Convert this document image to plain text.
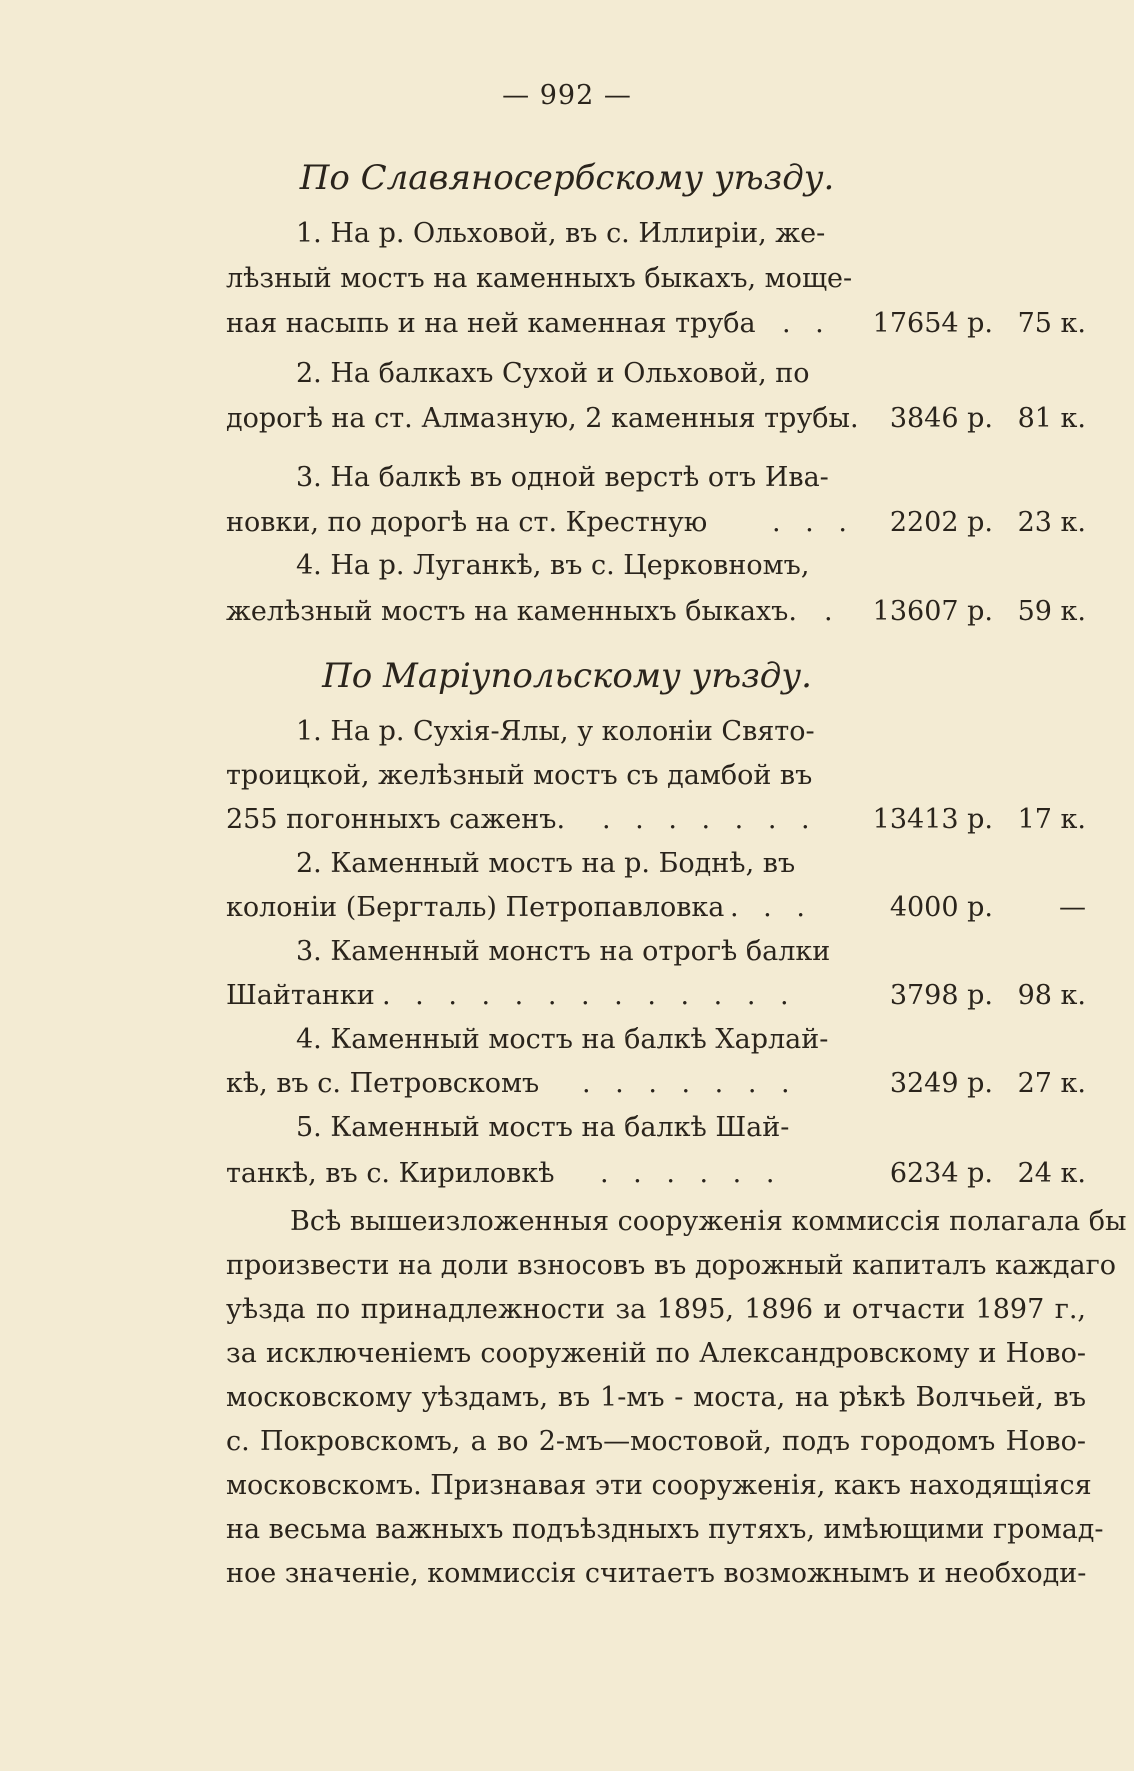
— 992 —
По Славяносербскому уѣзду.
1. На р. Ольховой, въ с. Иллиріи, же-
лѣзный мостъ на каменныхъ быкахъ, моще-
ная насыпь и на ней каменная труба . . 17654 р. 75 к.
2. На балкахъ Сухой и Ольховой, по
дорогѣ на ст. Алмазную, 2 каменныя трубы. 3846 р. 81 к.
3. На балкѣ въ одной верстѣ отъ Ива-
новки, по дорогѣ на ст. Крестную . . . 2202 р. 23 к.
4. На р. Луганкѣ, въ с. Церковномъ,
желѣзный мостъ на каменныхъ быкахъ. . 13607 р. 59 к.
По Маріупольскому уѣзду.
1. На р. Сухія-Ялы, у колоніи Свято-
троицкой, желѣзный мостъ съ дамбой въ
255 погонныхъ саженъ. . . . . . . . 13413 р. 17 к.
2. Каменный мостъ на р. Боднѣ, въ
колоніи (Бергталь) Петропавловка . . .	4000 р. —
3. Каменный монстъ на отрогѣ балки
Шайтанки . . . . . . . . . . . . .	3798 р. 98 к.
4. Каменный мостъ на балкѣ Харлай-
кѣ, въ с. Петровскомъ . . . . . . .	3249 р. 27 к.
5. Каменный мостъ на балкѣ Шай-
танкѣ, въ с. Кириловкѣ . . . . . .	6234 р. 24 к.
Всѣ вышеизложенныя сооруженія коммиссія полагала бы
произвести на доли взносовъ въ дорожный капиталъ каждаго
уѣзда по принадлежности за 1895, 1896 и отчасти 1897 г.,
за исключеніемъ сооруженій по Александровскому и Ново-
московскому уѣздамъ, въ 1-мъ - моста, на рѣкѣ Волчьей, въ
с. Покровскомъ, а во 2-мъ—мостовой, подъ городомъ Ново-
московскомъ. Признавая эти сооруженія, какъ находящіяся
на весьма важныхъ подъѣздныхъ путяхъ, имѣющими громад-
ное значеніе, коммиссія считаетъ возможнымъ и необходи-
